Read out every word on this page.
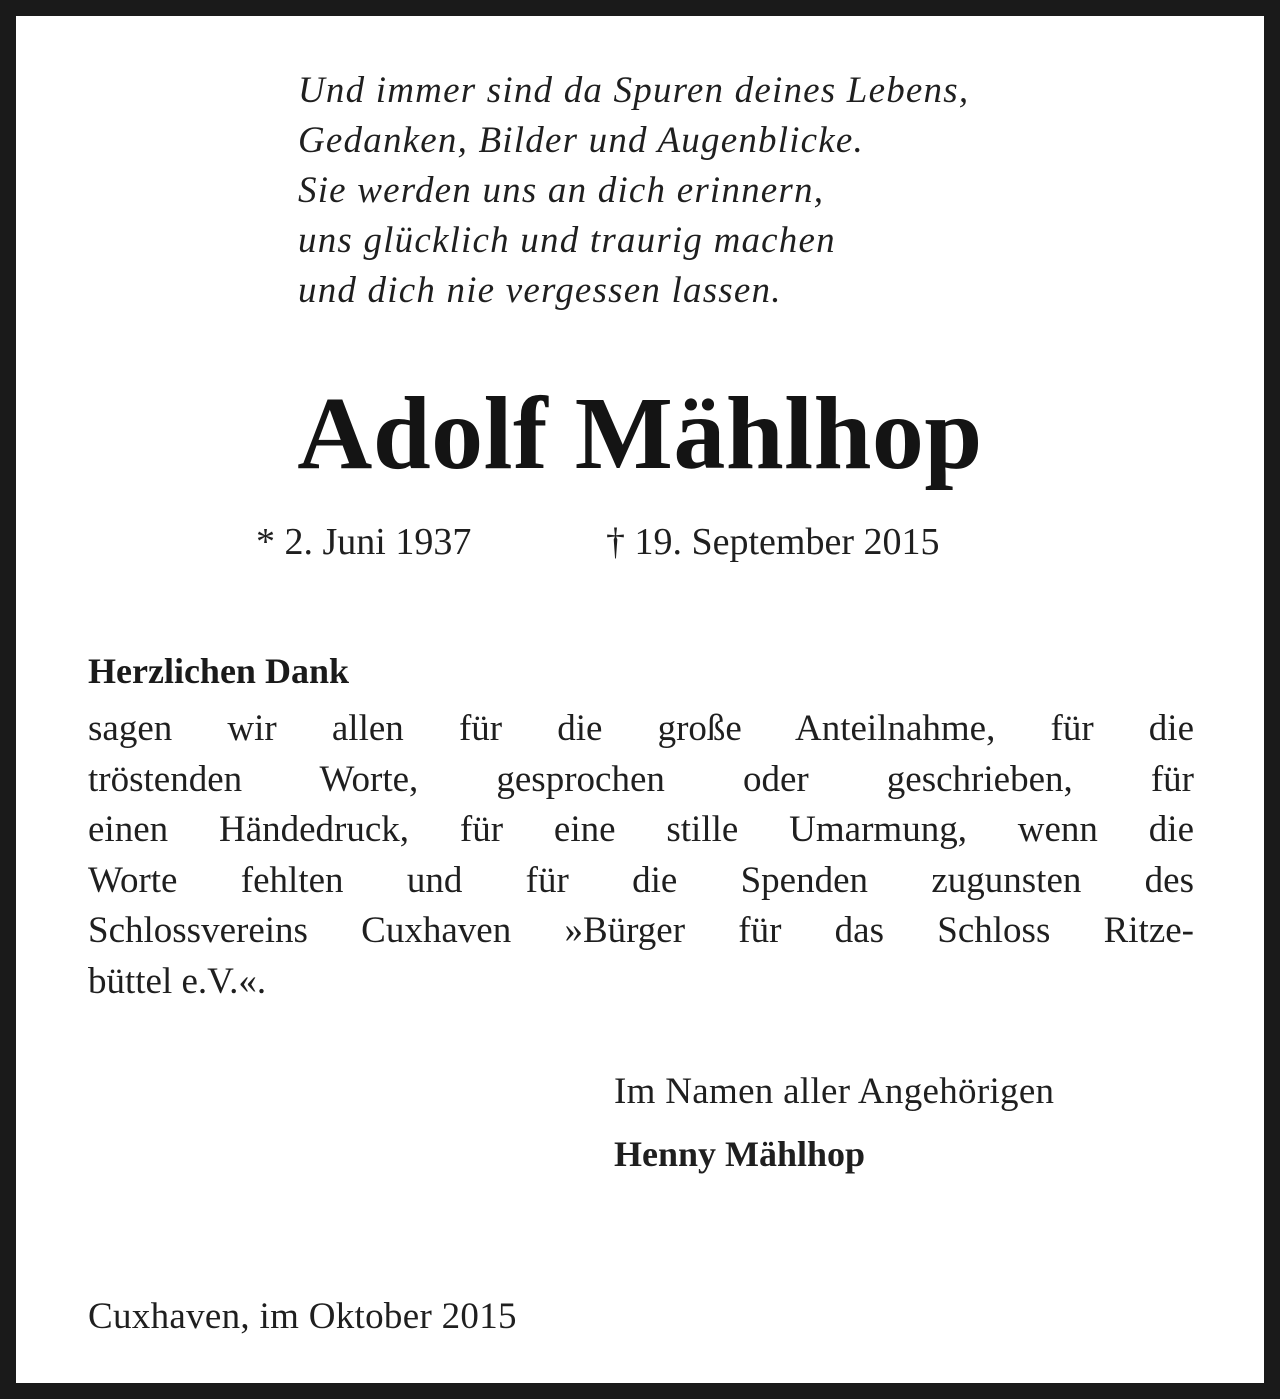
Und immer sind da Spuren deines Lebens,
Gedanken, Bilder und Augenblicke.
Sie werden uns an dich erinnern,
uns glücklich und traurig machen
und dich nie vergessen lassen.
Adolf Mählhop
* 2. Juni 1937	† 19. September 2015
Herzlichen Dank
sagen wir allen für die große Anteilnahme, für die
tröstenden Worte, gesprochen oder geschrieben, für
einen Händedruck, für eine stille Umarmung, wenn die
Worte fehlten und für die Spenden zugunsten des
Schlossvereins Cuxhaven »Bürger für das Schloss Ritze-
büttel e.V.«.
Im Namen aller Angehörigen
Henny Mählhop
Cuxhaven, im Oktober 2015
